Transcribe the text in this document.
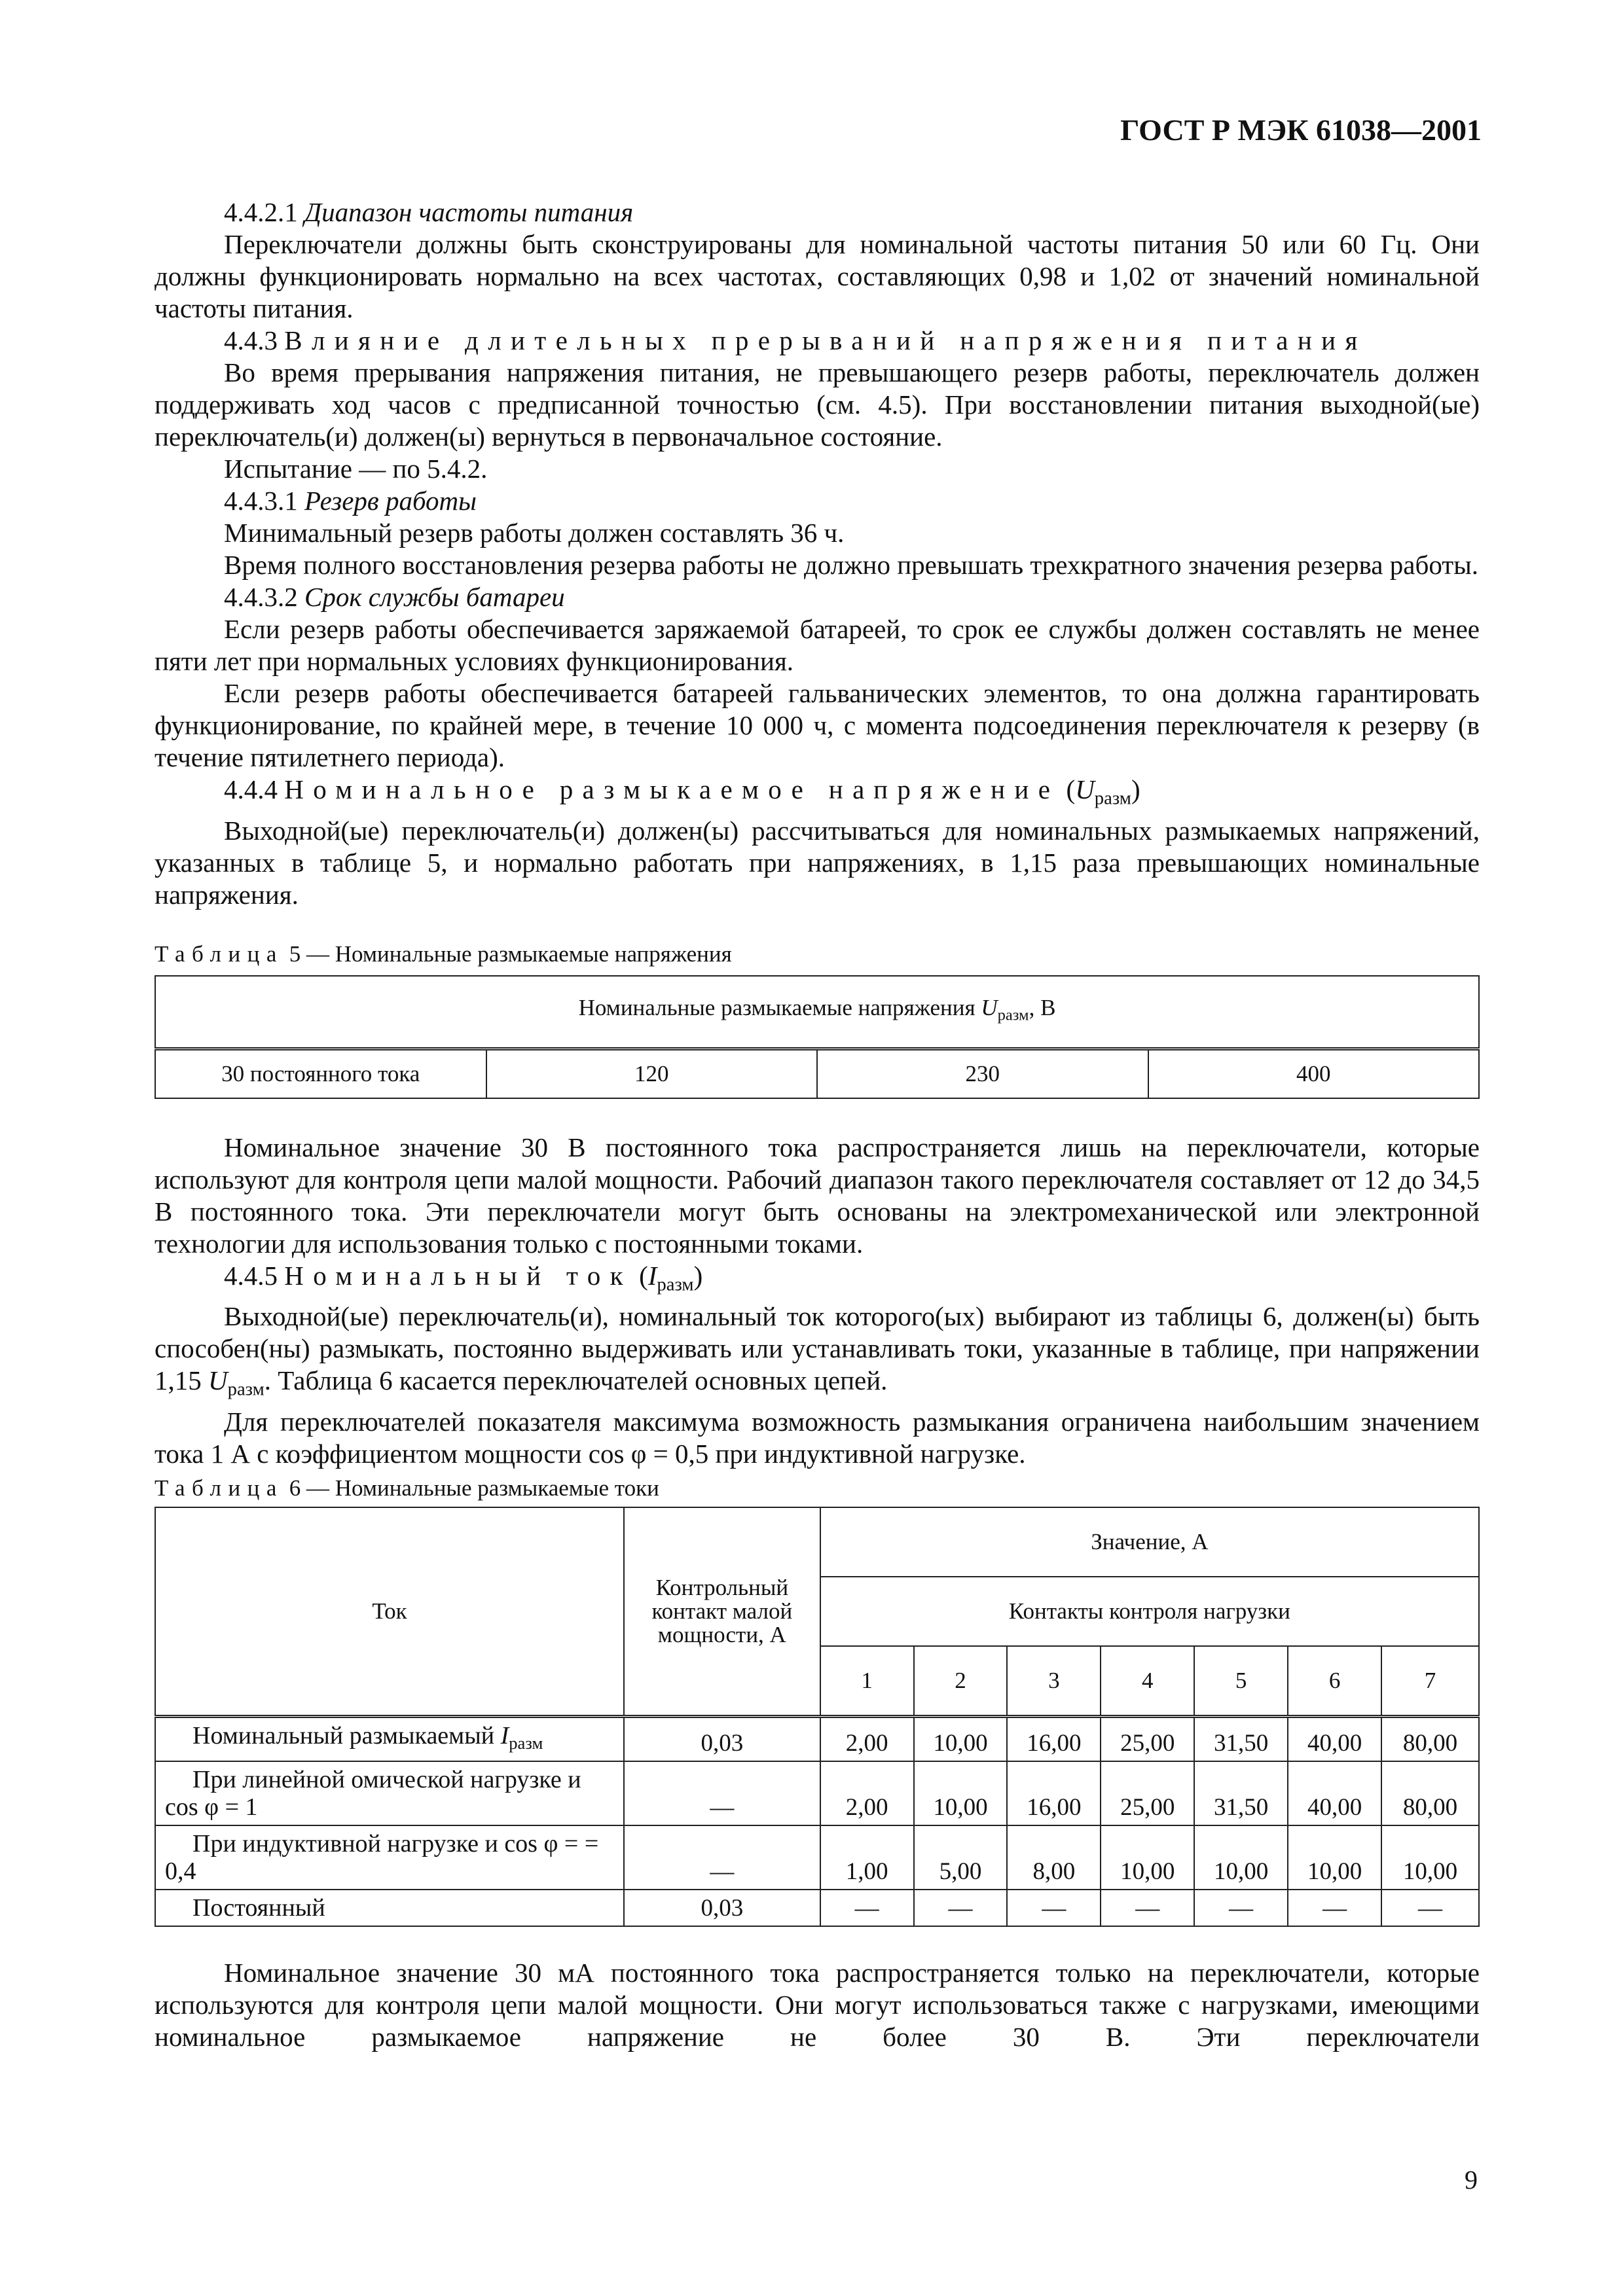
ГОСТ Р МЭК 61038—2001

4.4.2.1 Диапазон частоты питания

Переключатели должны быть сконструированы для номинальной частоты питания 50 или 60 Гц. Они должны функционировать нормально на всех частотах, составляющих 0,98 и 1,02 от значений номинальной частоты питания.

4.4.3 Влияние длительных прерываний напряжения питания

Во время прерывания напряжения питания, не превышающего резерв работы, переключатель должен поддерживать ход часов с предписанной точностью (см. 4.5). При восстановлении питания выходной(ые) переключатель(и) должен(ы) вернуться в первоначальное состояние.

Испытание — по 5.4.2.

4.4.3.1 Резерв работы

Минимальный резерв работы должен составлять 36 ч.

Время полного восстановления резерва работы не должно превышать трехкратного значения резерва работы.

4.4.3.2 Срок службы батареи

Если резерв работы обеспечивается заряжаемой батареей, то срок ее службы должен составлять не менее пяти лет при нормальных условиях функционирования.

Если резерв работы обеспечивается батареей гальванических элементов, то она должна гарантировать функционирование, по крайней мере, в течение 10 000 ч, с момента подсоединения переключателя к резерву (в течение пятилетнего периода).

4.4.4 Номинальное размыкаемое напряжение $(U_{разм})$

Выходной(ые) переключатель(и) должен(ы) рассчитываться для номинальных размыкаемых напряжений, указанных в таблице 5, и нормально работать при напряжениях, в 1,15 раза превышающих номинальные напряжения.

Таблица 5 — Номинальные размыкаемые напряжения

Номинальные размыкаемые напряжения $U_{разм}$, В
30 постоянного тока	120	230	400

Номинальное значение 30 В постоянного тока распространяется лишь на переключатели, которые используют для контроля цепи малой мощности. Рабочий диапазон такого переключателя составляет от 12 до 34,5 В постоянного тока. Эти переключатели могут быть основаны на электромеханической или электронной технологии для использования только с постоянными токами.

4.4.5 Номинальный ток $(I_{разм})$

Выходной(ые) переключатель(и), номинальный ток которого(ых) выбирают из таблицы 6, должен(ы) быть способен(ны) размыкать, постоянно выдерживать или устанавливать токи, указанные в таблице, при напряжении 1,15 $U_{разм}$. Таблица 6 касается переключателей основных цепей.

Для переключателей показателя максимума возможность размыкания ограничена наибольшим значением тока 1 А с коэффициентом мощности cos φ = 0,5 при индуктивной нагрузке.

Таблица 6 — Номинальные размыкаемые токи

Ток	Контрольный контакт малой мощности, А	Значение, А						
		Контакты контроля нагрузки						
		1	2	3	4	5	6	7
Номинальный размыкаемый $I_{разм}$	0,03	2,00	10,00	16,00	25,00	31,50	40,00	80,00
При линейной омической нагрузке и cos φ = 1	—	2,00	10,00	16,00	25,00	31,50	40,00	80,00
При индуктивной нагрузке и cos φ = = 0,4	—	1,00	5,00	8,00	10,00	10,00	10,00	10,00
Постоянный	0,03	—	—	—	—	—	—	—

Номинальное значение 30 мА постоянного тока распространяется только на переключатели, которые используются для контроля цепи малой мощности. Они могут использоваться также с нагрузками, имеющими номинальное размыкаемое напряжение не более 30 В. Эти переключатели

9
